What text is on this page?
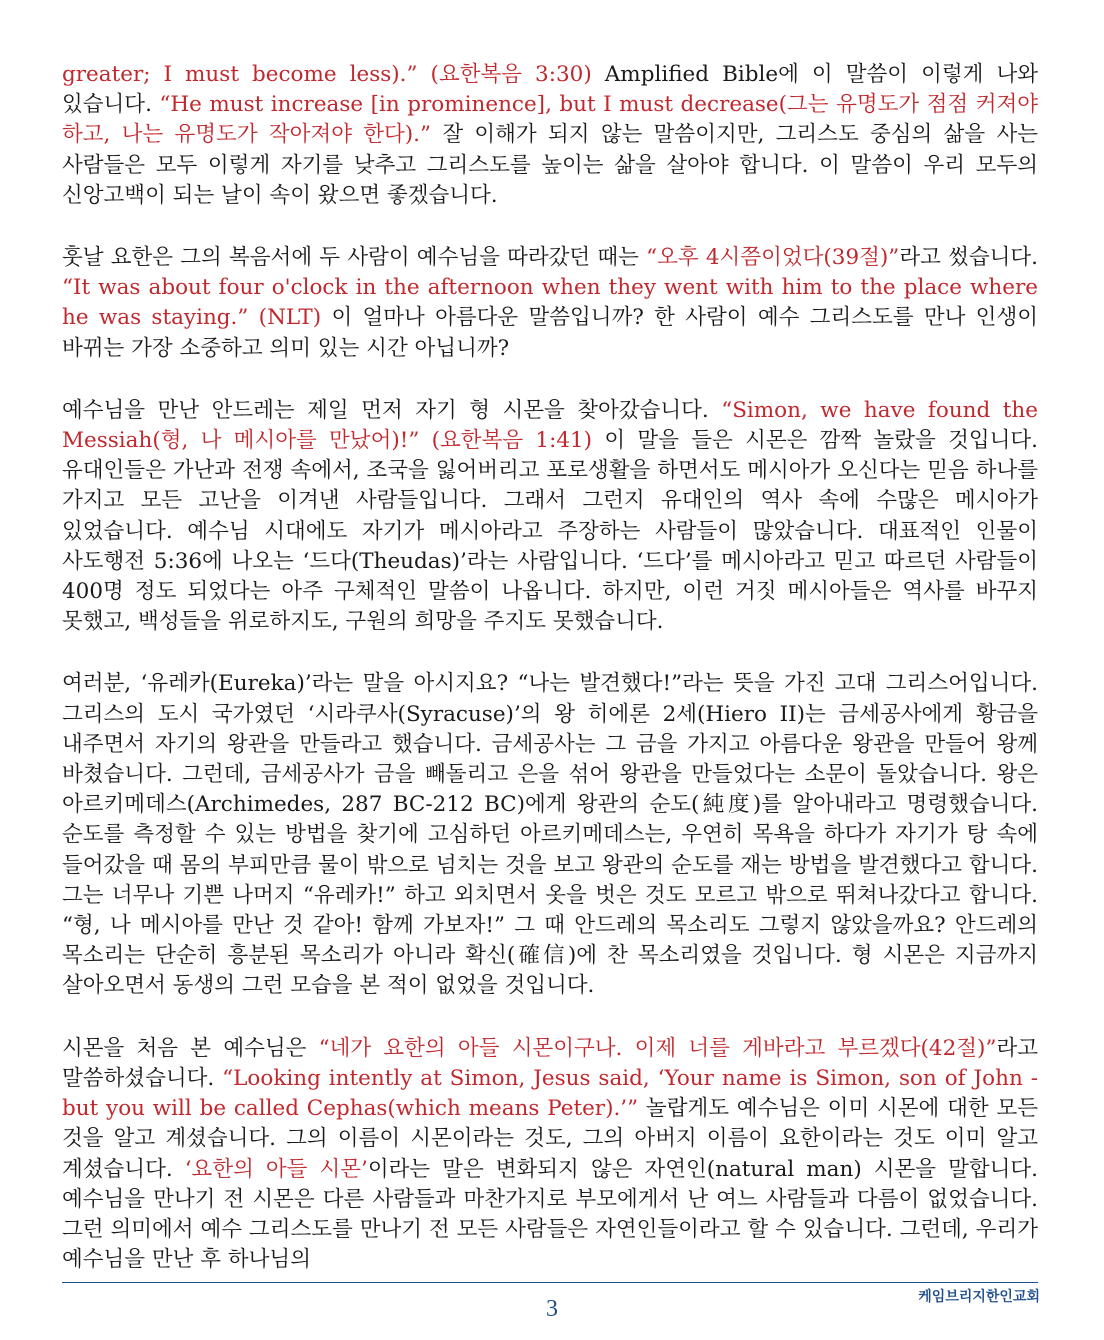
greater; I must become less).” (요한복음 3:30) Amplified Bible에 이 말씀이 이렇게 나와 있습니다. “He must increase [in prominence], but I must decrease(그는 유명도가 점점 커져야 하고, 나는 유명도가 작아져야 한다).” 잘 이해가 되지 않는 말씀이지만, 그리스도 중심의 삶을 사는 사람들은 모두 이렇게 자기를 낮추고 그리스도를 높이는 삶을 살아야 합니다. 이 말씀이 우리 모두의 신앙고백이 되는 날이 속이 왔으면 좋겠습니다.

훗날 요한은 그의 복음서에 두 사람이 예수님을 따라갔던 때는 “오후 4시쯤이었다(39절)”라고 썼습니다. “It was about four o'clock in the afternoon when they went with him to the place where he was staying.” (NLT) 이 얼마나 아름다운 말씀입니까? 한 사람이 예수 그리스도를 만나 인생이 바뀌는 가장 소중하고 의미 있는 시간 아닙니까?

예수님을 만난 안드레는 제일 먼저 자기 형 시몬을 찾아갔습니다. “Simon, we have found the Messiah(형, 나 메시아를 만났어)!” (요한복음 1:41) 이 말을 들은 시몬은 깜짝 놀랐을 것입니다. 유대인들은 가난과 전쟁 속에서, 조국을 잃어버리고 포로생활을 하면서도 메시아가 오신다는 믿음 하나를 가지고 모든 고난을 이겨낸 사람들입니다. 그래서 그런지 유대인의 역사 속에 수많은 메시아가 있었습니다. 예수님 시대에도 자기가 메시아라고 주장하는 사람들이 많았습니다. 대표적인 인물이 사도행전 5:36에 나오는 ‘드다(Theudas)’라는 사람입니다. ‘드다’를 메시아라고 믿고 따르던 사람들이 400명 정도 되었다는 아주 구체적인 말씀이 나옵니다. 하지만, 이런 거짓 메시아들은 역사를 바꾸지 못했고, 백성들을 위로하지도, 구원의 희망을 주지도 못했습니다.

여러분, ‘유레카(Eureka)’라는 말을 아시지요? “나는 발견했다!”라는 뜻을 가진 고대 그리스어입니다. 그리스의 도시 국가였던 ‘시라쿠사(Syracuse)’의 왕 히에론 2세(Hiero II)는 금세공사에게 황금을 내주면서 자기의 왕관을 만들라고 했습니다. 금세공사는 그 금을 가지고 아름다운 왕관을 만들어 왕께 바쳤습니다. 그런데, 금세공사가 금을 빼돌리고 은을 섞어 왕관을 만들었다는 소문이 돌았습니다. 왕은 아르키메데스(Archimedes, 287 BC-212 BC)에게 왕관의 순도(純度)를 알아내라고 명령했습니다. 순도를 측정할 수 있는 방법을 찾기에 고심하던 아르키메데스는, 우연히 목욕을 하다가 자기가 탕 속에 들어갔을 때 몸의 부피만큼 물이 밖으로 넘치는 것을 보고 왕관의 순도를 재는 방법을 발견했다고 합니다. 그는 너무나 기쁜 나머지 “유레카!” 하고 외치면서 옷을 벗은 것도 모르고 밖으로 뛰쳐나갔다고 합니다. “형, 나 메시아를 만난 것 같아! 함께 가보자!” 그 때 안드레의 목소리도 그렇지 않았을까요? 안드레의 목소리는 단순히 흥분된 목소리가 아니라 확신(確信)에 찬 목소리였을 것입니다. 형 시몬은 지금까지 살아오면서 동생의 그런 모습을 본 적이 없었을 것입니다.

시몬을 처음 본 예수님은 “네가 요한의 아들 시몬이구나. 이제 너를 게바라고 부르겠다(42절)”라고 말씀하셨습니다. “Looking intently at Simon, Jesus said, ‘Your name is Simon, son of John - but you will be called Cephas(which means Peter).’” 놀랍게도 예수님은 이미 시몬에 대한 모든 것을 알고 계셨습니다. 그의 이름이 시몬이라는 것도, 그의 아버지 이름이 요한이라는 것도 이미 알고 계셨습니다. ‘요한의 아들 시몬’이라는 말은 변화되지 않은 자연인(natural man) 시몬을 말합니다. 예수님을 만나기 전 시몬은 다른 사람들과 마찬가지로 부모에게서 난 여느 사람들과 다름이 없었습니다. 그런 의미에서 예수 그리스도를 만나기 전 모든 사람들은 자연인들이라고 할 수 있습니다. 그런데, 우리가 예수님을 만난 후 하나님의

케임브리지한인교회
3
